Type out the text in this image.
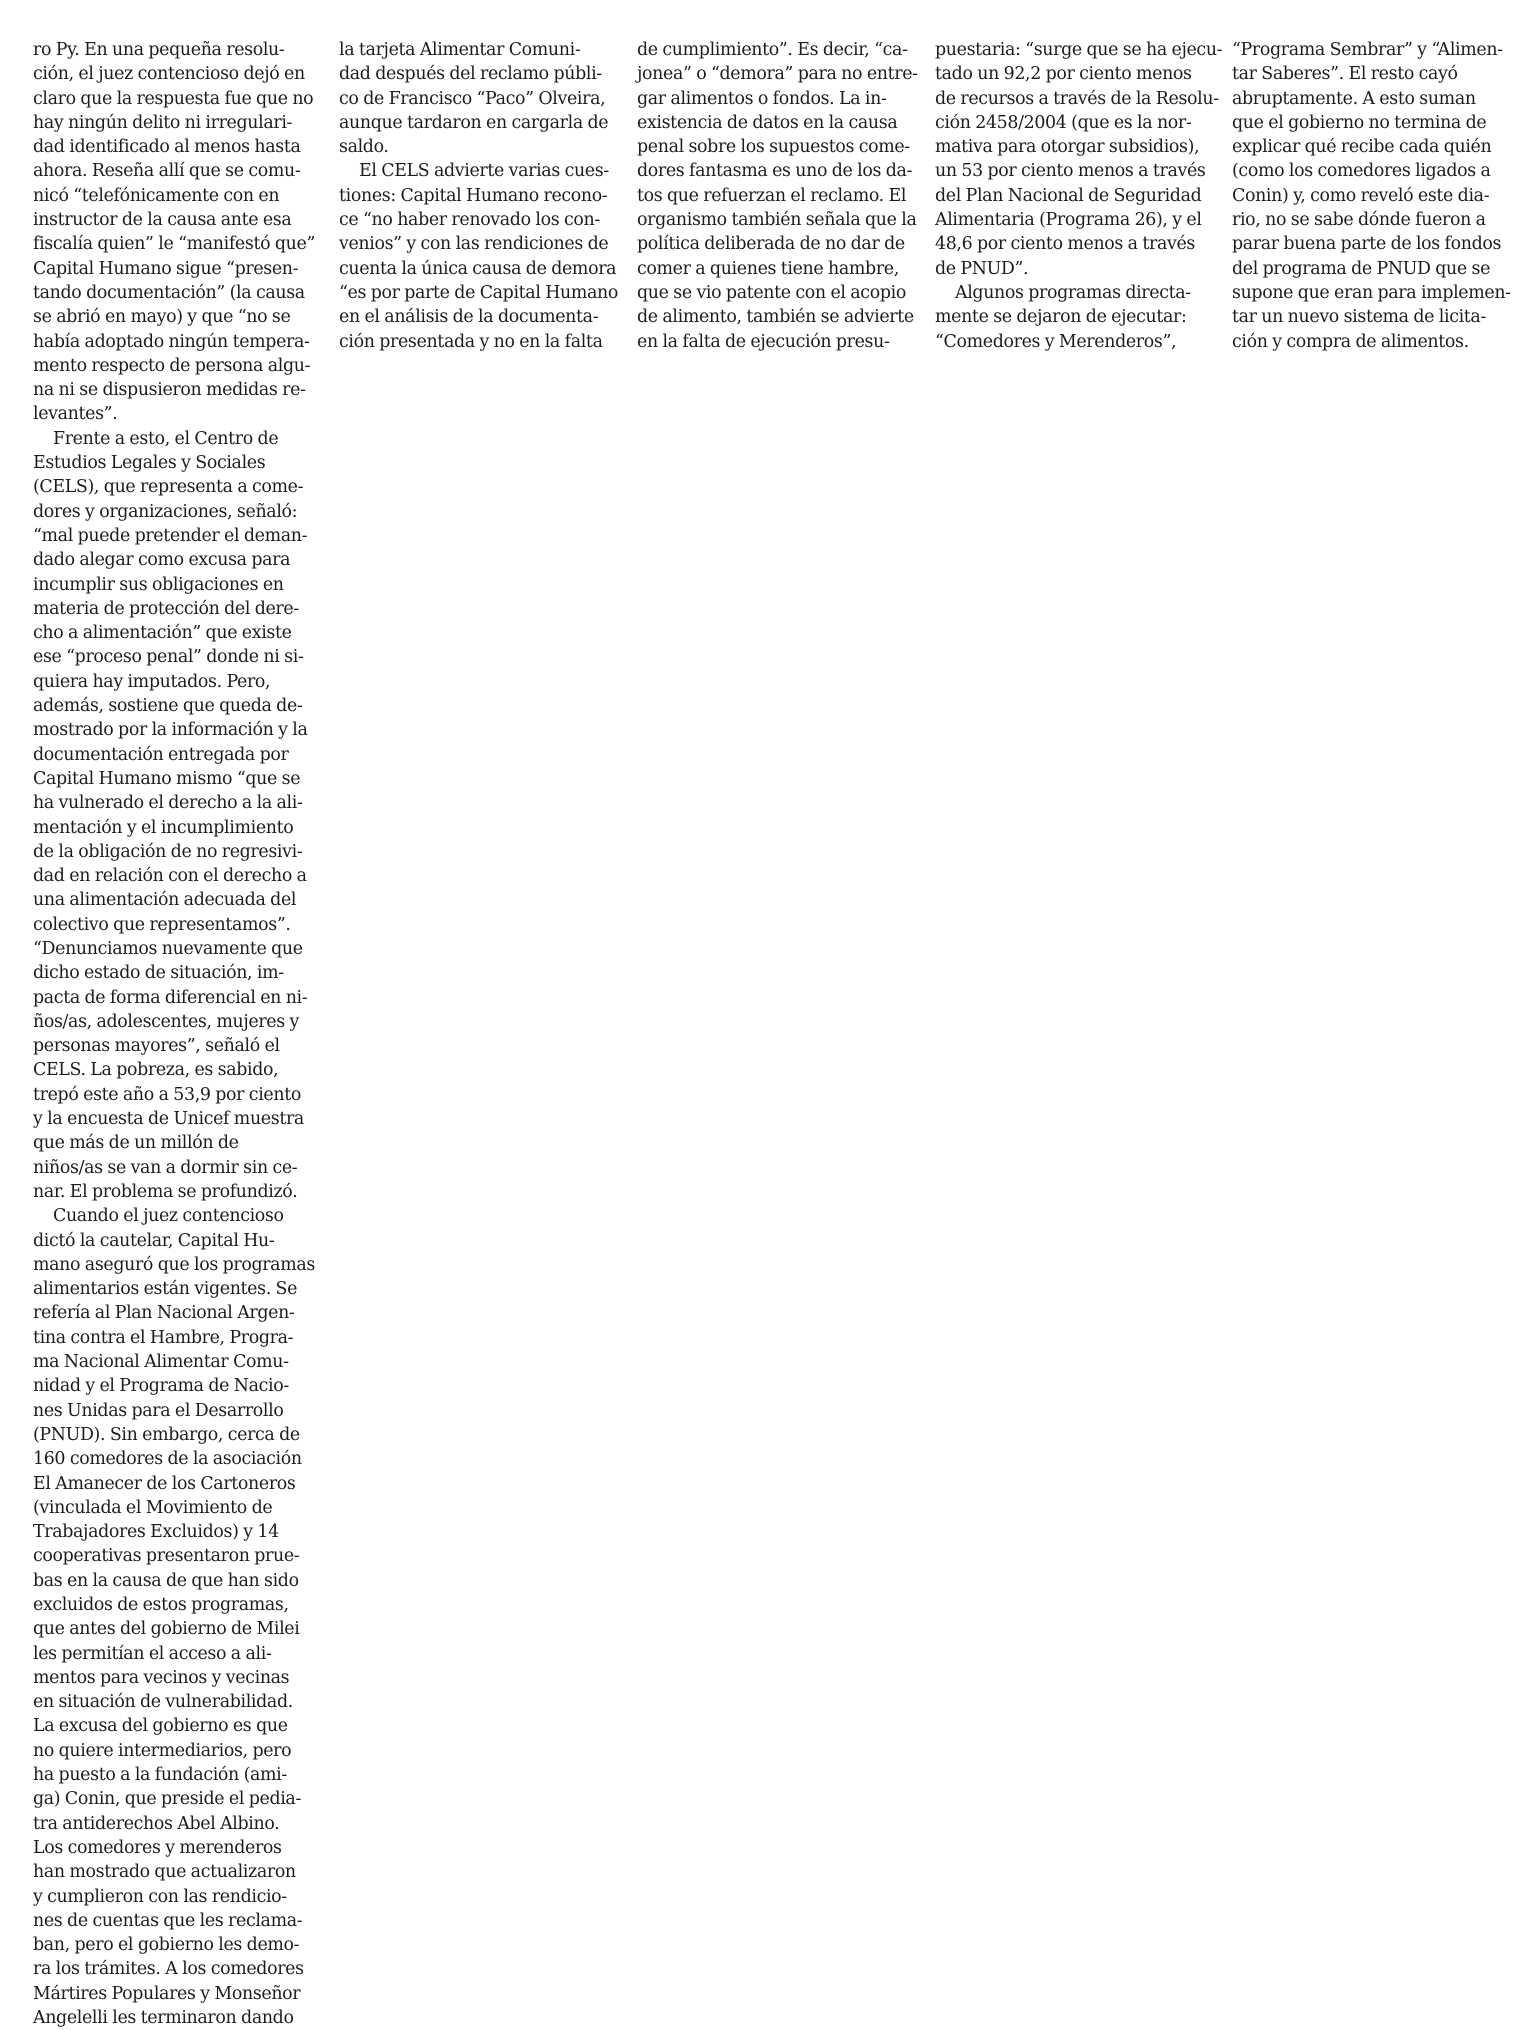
ro Py. En una pequeña resolu-
ción, el juez contencioso dejó en
claro que la respuesta fue que no
hay ningún delito ni irregulari-
dad identificado al menos hasta
ahora. Reseña allí que se comu-
nicó “telefónicamente con en
instructor de la causa ante esa
fiscalía quien” le “manifestó que”
Capital Humano sigue “presen-
tando documentación” (la causa
se abrió en mayo) y que “no se
había adoptado ningún tempera-
mento respecto de persona algu-
na ni se dispusieron medidas re-
levantes”.
Frente a esto, el Centro de
Estudios Legales y Sociales
(CELS), que representa a come-
dores y organizaciones, señaló:
“mal puede pretender el deman-
dado alegar como excusa para
incumplir sus obligaciones en
materia de protección del dere-
cho a alimentación” que existe
ese “proceso penal” donde ni si-
quiera hay imputados. Pero,
además, sostiene que queda de-
mostrado por la información y la
documentación entregada por
Capital Humano mismo “que se
ha vulnerado el derecho a la ali-
mentación y el incumplimiento
de la obligación de no regresivi-
dad en relación con el derecho a
una alimentación adecuada del
colectivo que representamos”.
“Denunciamos nuevamente que
dicho estado de situación, im-
pacta de forma diferencial en ni-
ños/as, adolescentes, mujeres y
personas mayores”, señaló el
CELS. La pobreza, es sabido,
trepó este año a 53,9 por ciento
y la encuesta de Unicef muestra
que más de un millón de
niños/as se van a dormir sin ce-
nar. El problema se profundizó.
Cuando el juez contencioso
dictó la cautelar, Capital Hu-
mano aseguró que los programas
alimentarios están vigentes. Se
refería al Plan Nacional Argen-
tina contra el Hambre, Progra-
ma Nacional Alimentar Comu-
nidad y el Programa de Nacio-
nes Unidas para el Desarrollo
(PNUD). Sin embargo, cerca de
160 comedores de la asociación
El Amanecer de los Cartoneros
(vinculada el Movimiento de
Trabajadores Excluidos) y 14
cooperativas presentaron prue-
bas en la causa de que han sido
excluidos de estos programas,
que antes del gobierno de Milei
les permitían el acceso a ali-
mentos para vecinos y vecinas
en situación de vulnerabilidad.
La excusa del gobierno es que
no quiere intermediarios, pero
ha puesto a la fundación (ami-
ga) Conin, que preside el pedia-
tra antiderechos Abel Albino.
Los comedores y merenderos
han mostrado que actualizaron
y cumplieron con las rendicio-
nes de cuentas que les reclama-
ban, pero el gobierno les demo-
ra los trámites. A los comedores
Mártires Populares y Monseñor
Angelelli les terminaron dando
la tarjeta Alimentar Comuni-
dad después del reclamo públi-
co de Francisco “Paco” Olveira,
aunque tardaron en cargarla de
saldo.
El CELS advierte varias cues-
tiones: Capital Humano recono-
ce “no haber renovado los con-
venios” y con las rendiciones de
cuenta la única causa de demora
“es por parte de Capital Humano
en el análisis de la documenta-
ción presentada y no en la falta
de cumplimiento”. Es decir, “ca-
jonea” o “demora” para no entre-
gar alimentos o fondos. La in-
existencia de datos en la causa
penal sobre los supuestos come-
dores fantasma es uno de los da-
tos que refuerzan el reclamo. El
organismo también señala que la
política deliberada de no dar de
comer a quienes tiene hambre,
que se vio patente con el acopio
de alimento, también se advierte
en la falta de ejecución presu-
puestaria: “surge que se ha ejecu-
tado un 92,2 por ciento menos
de recursos a través de la Resolu-
ción 2458/2004 (que es la nor-
mativa para otorgar subsidios),
un 53 por ciento menos a través
del Plan Nacional de Seguridad
Alimentaria (Programa 26), y el
48,6 por ciento menos a través
de PNUD”.
Algunos programas directa-
mente se dejaron de ejecutar:
“Comedores y Merenderos”,
“Programa Sembrar” y “Alimen-
tar Saberes”. El resto cayó
abruptamente. A esto suman
que el gobierno no termina de
explicar qué recibe cada quién
(como los comedores ligados a
Conin) y, como reveló este dia-
rio, no se sabe dónde fueron a
parar buena parte de los fondos
del programa de PNUD que se
supone que eran para implemen-
tar un nuevo sistema de licita-
ción y compra de alimentos.
